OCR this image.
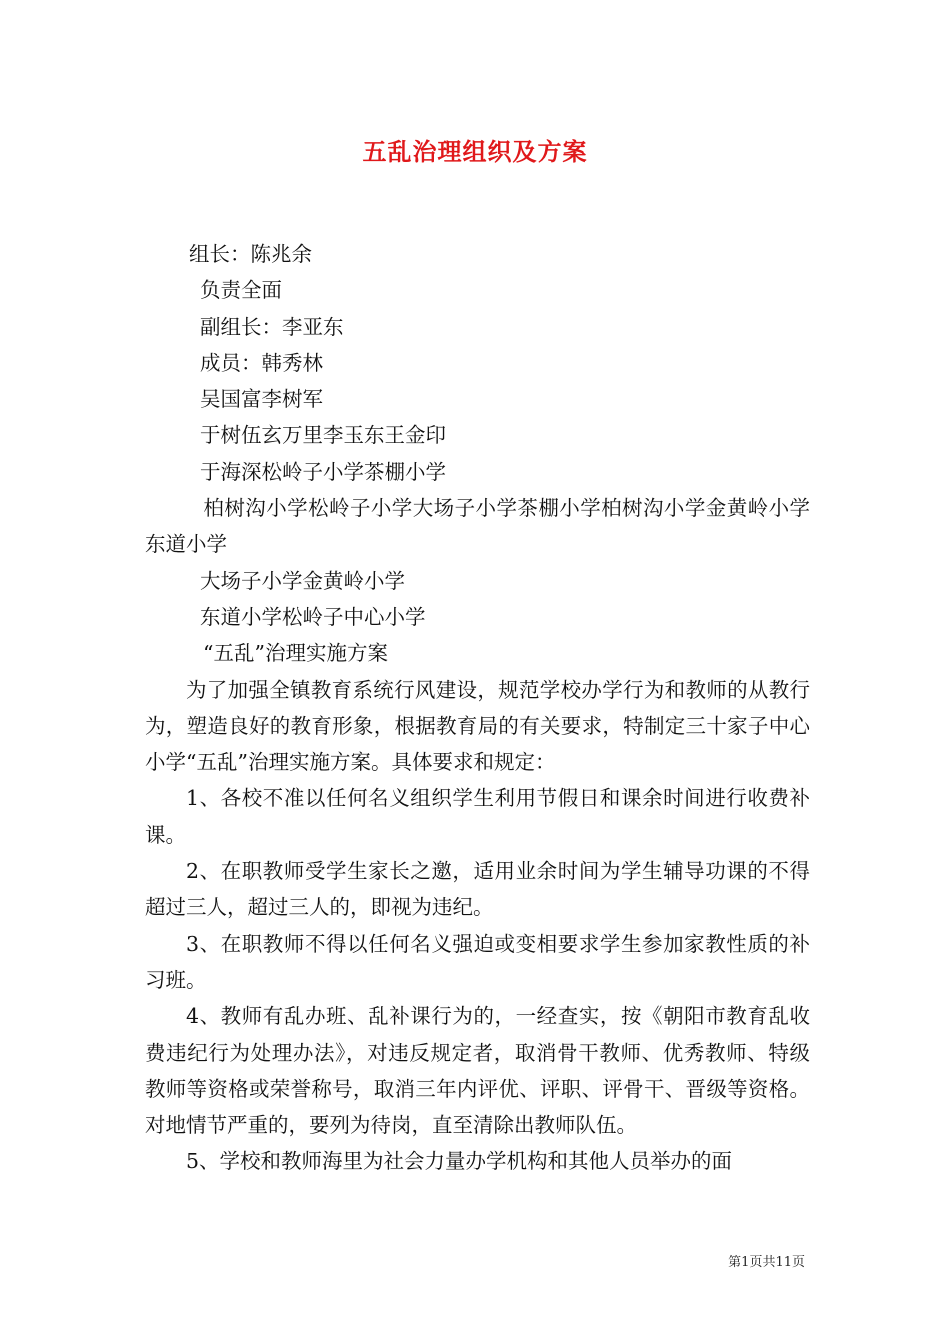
五乱治理组织及方案
组长：陈兆余
负责全面
副组长：李亚东
成员：韩秀林
吴国富李树军
于树伍玄万里李玉东王金印
于海深松岭子小学茶棚小学
柏树沟小学松岭子小学大场子小学茶棚小学柏树沟小学金黄岭小学东道小学
大场子小学金黄岭小学
东道小学松岭子中心小学
“五乱”治理实施方案
为了加强全镇教育系统行风建设，规范学校办学行为和教师的从教行为，塑造良好的教育形象，根据教育局的有关要求，特制定三十家子中心小学“五乱”治理实施方案。具体要求和规定：
1、各校不准以任何名义组织学生利用节假日和课余时间进行收费补课。
2、在职教师受学生家长之邀，适用业余时间为学生辅导功课的不得超过三人，超过三人的，即视为违纪。
3、在职教师不得以任何名义强迫或变相要求学生参加家教性质的补习班。
4、教师有乱办班、乱补课行为的，一经查实，按《朝阳市教育乱收费违纪行为处理办法》，对违反规定者，取消骨干教师、优秀教师、特级教师等资格或荣誉称号，取消三年内评优、评职、评骨干、晋级等资格。对地情节严重的，要列为待岗，直至清除出教师队伍。
5、学校和教师海里为社会力量办学机构和其他人员举办的面
第1页共11页
